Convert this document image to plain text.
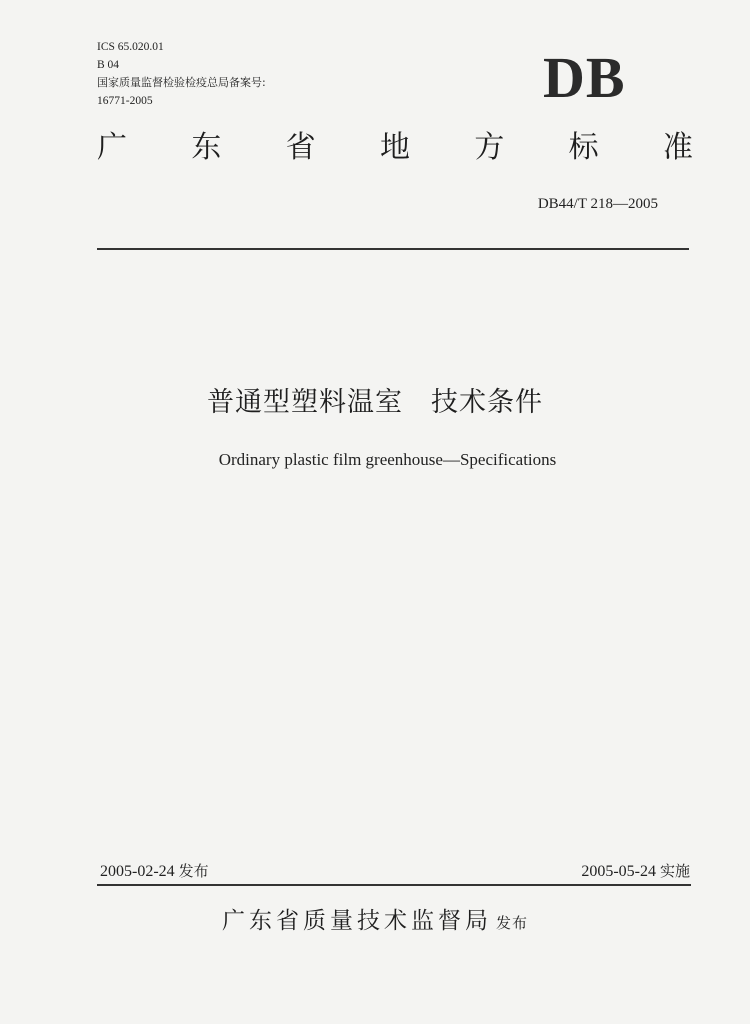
ICS 65.020.01
B 04
国家质量监督检验检疫总局备案号:
16771-2005	DB
广 东 省 地 方 标 准
DB44/T 218—2005
普通型塑料温室 技术条件
Ordinary plastic film greenhouse—Specifications
2005-02-24 发布	2005-05-24 实施
广东省质量技术监督局 发布
